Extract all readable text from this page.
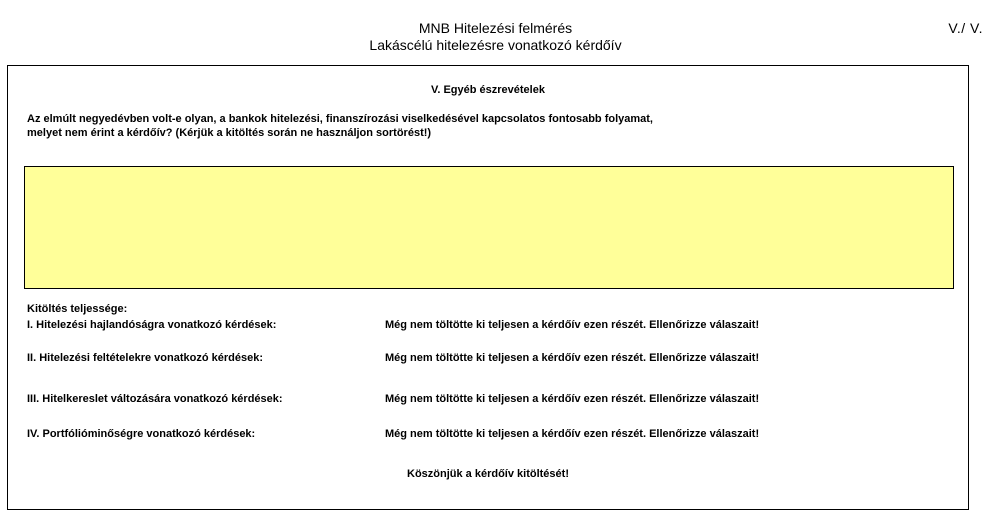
MNB Hitelezési felmérés
Lakáscélú hitelezésre vonatkozó kérdőív
V./ V.
V. Egyéb észrevételek
Az elmúlt negyedévben volt-e olyan, a bankok hitelezési, finanszírozási viselkedésével kapcsolatos fontosabb folyamat,
melyet nem érint a kérdőív? (Kérjük a kitöltés során ne használjon sortörést!)
Kitöltés teljessége:
I. Hitelezési hajlandóságra vonatkozó kérdések:	Még nem töltötte ki teljesen a kérdőív ezen részét. Ellenőrizze válaszait!
II. Hitelezési feltételekre vonatkozó kérdések:	Még nem töltötte ki teljesen a kérdőív ezen részét. Ellenőrizze válaszait!
III. Hitelkereslet változására vonatkozó kérdések:	Még nem töltötte ki teljesen a kérdőív ezen részét. Ellenőrizze válaszait!
IV. Portfólióminőségre vonatkozó kérdések:	Még nem töltötte ki teljesen a kérdőív ezen részét. Ellenőrizze válaszait!
Köszönjük a kérdőív kitöltését!
